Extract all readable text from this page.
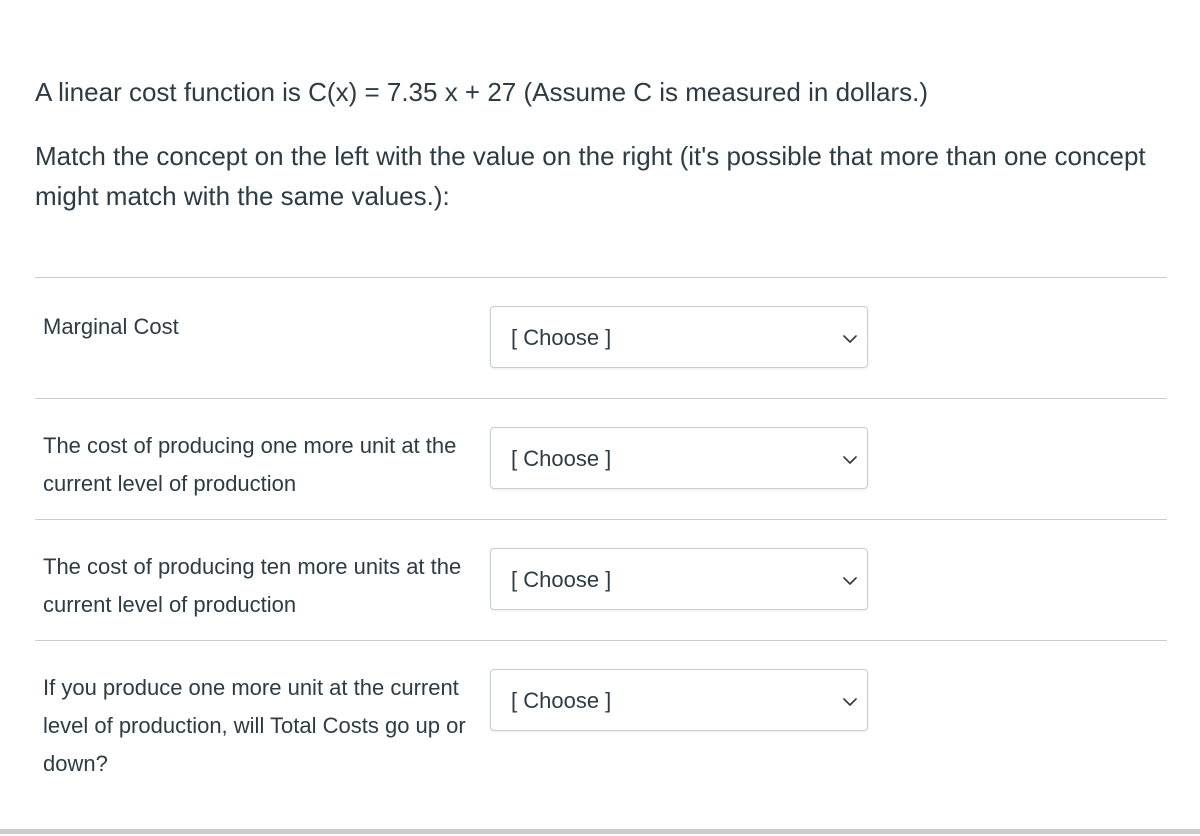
A linear cost function is C(x) = 7.35 x + 27 (Assume C is measured in dollars.)

Match the concept on the left with the value on the right (it's possible that more than one concept might match with the same values.):

Marginal Cost	[ Choose ]
The cost of producing one more unit at the current level of production
[ Choose ]
The cost of producing ten more units at the current level of production
[ Choose ]
If you produce one more unit at the current level of production, will Total Costs go up or down?
[ Choose ]
